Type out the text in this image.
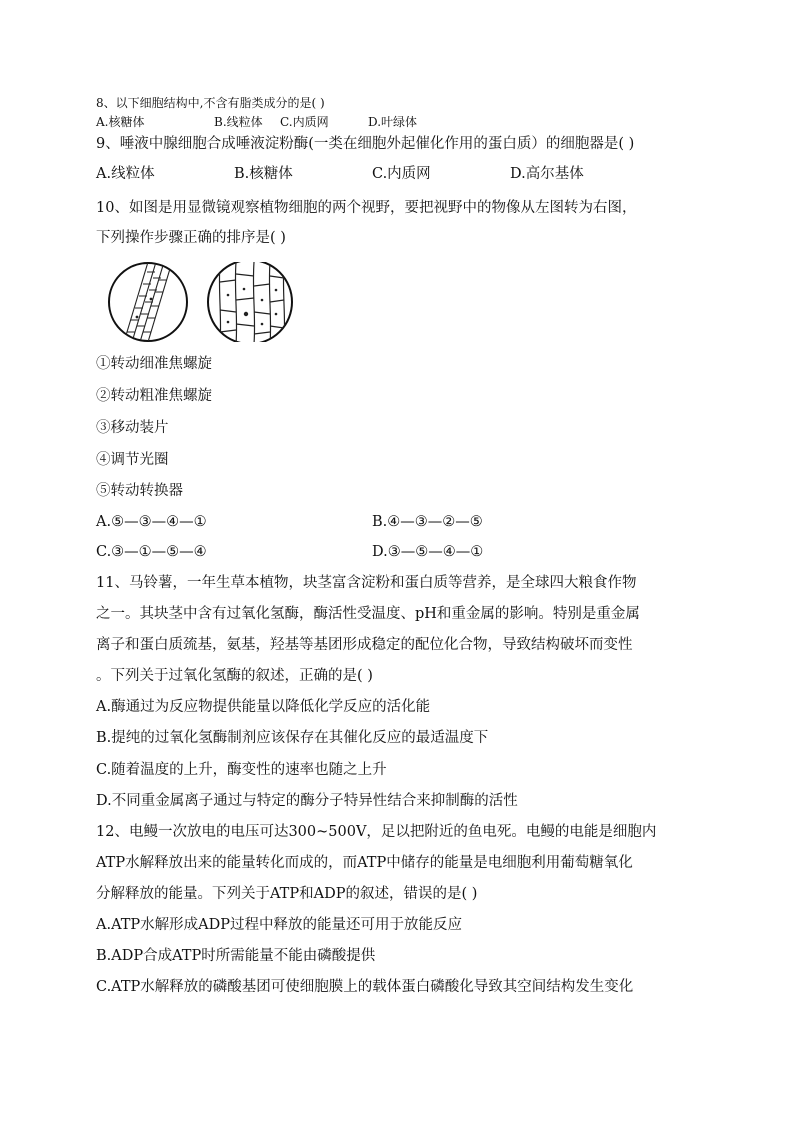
8、以下细胞结构中,不含有脂类成分的是( )
A.核糖体	B.线粒体 C.内质网	D.叶绿体
9、唾液中腺细胞合成唾液淀粉酶(一类在细胞外起催化作用的蛋白质）的细胞器是( )
A.线粒体	B.核糖体	C.内质网	D.高尔基体
10、如图是用显微镜观察植物细胞的两个视野，要把视野中的物像从左图转为右图，
下列操作步骤正确的排序是( )
①转动细准焦螺旋
②转动粗准焦螺旋
③移动装片
④调节光圈
⑤转动转换器
A.⑤—③—④—①	B.④—③—②—⑤
C.③—①—⑤—④	D.③—⑤—④—①
11、马铃薯，一年生草本植物，块茎富含淀粉和蛋白质等营养，是全球四大粮食作物
之一。其块茎中含有过氧化氢酶，酶活性受温度、pH和重金属的影响。特别是重金属
离子和蛋白质巯基，氨基，羟基等基团形成稳定的配位化合物，导致结构破坏而变性
。下列关于过氧化氢酶的叙述，正确的是( )
A.酶通过为反应物提供能量以降低化学反应的活化能
B.提纯的过氧化氢酶制剂应该保存在其催化反应的最适温度下
C.随着温度的上升，酶变性的速率也随之上升
D.不同重金属离子通过与特定的酶分子特异性结合来抑制酶的活性
12、电鳗一次放电的电压可达300~500V，足以把附近的鱼电死。电鳗的电能是细胞内
ATP水解释放出来的能量转化而成的，而ATP中储存的能量是电细胞利用葡萄糖氧化
分解释放的能量。下列关于ATP和ADP的叙述，错误的是( )
A.ATP水解形成ADP过程中释放的能量还可用于放能反应
B.ADP合成ATP时所需能量不能由磷酸提供
C.ATP水解释放的磷酸基团可使细胞膜上的载体蛋白磷酸化导致其空间结构发生变化
